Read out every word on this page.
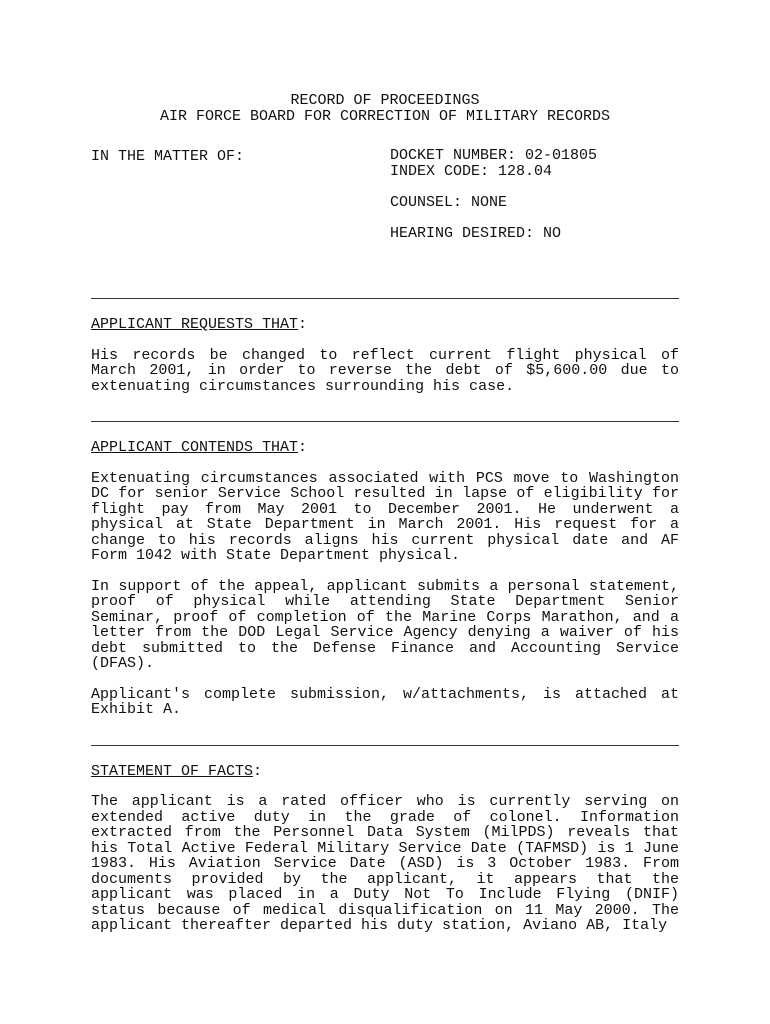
RECORD OF PROCEEDINGS
AIR FORCE BOARD FOR CORRECTION OF MILITARY RECORDS
IN THE MATTER OF:	DOCKET NUMBER: 02-01805
INDEX CODE: 128.04
COUNSEL: NONE
HEARING DESIRED: NO
APPLICANT REQUESTS THAT:

His records be changed to reflect current flight physical of March 2001, in order to reverse the debt of $5,600.00 due to extenuating circumstances surrounding his case.

APPLICANT CONTENDS THAT:

Extenuating circumstances associated with PCS move to Washington DC for senior Service School resulted in lapse of eligibility for flight pay from May 2001 to December 2001. He underwent a physical at State Department in March 2001. His request for a change to his records aligns his current physical date and AF Form 1042 with State Department physical.

In support of the appeal, applicant submits a personal statement, proof of physical while attending State Department Senior Seminar, proof of completion of the Marine Corps Marathon, and a letter from the DOD Legal Service Agency denying a waiver of his debt submitted to the Defense Finance and Accounting Service (DFAS).

Applicant's complete submission, w/attachments, is attached at Exhibit A.

STATEMENT OF FACTS:

The applicant is a rated officer who is currently serving on extended active duty in the grade of colonel. Information extracted from the Personnel Data System (MilPDS) reveals that his Total Active Federal Military Service Date (TAFMSD) is 1 June 1983. His Aviation Service Date (ASD) is 3 October 1983. From documents provided by the applicant, it appears that the applicant was placed in a Duty Not To Include Flying (DNIF) status because of medical disqualification on 11 May 2000. The applicant thereafter departed his duty station, Aviano AB, Italy
